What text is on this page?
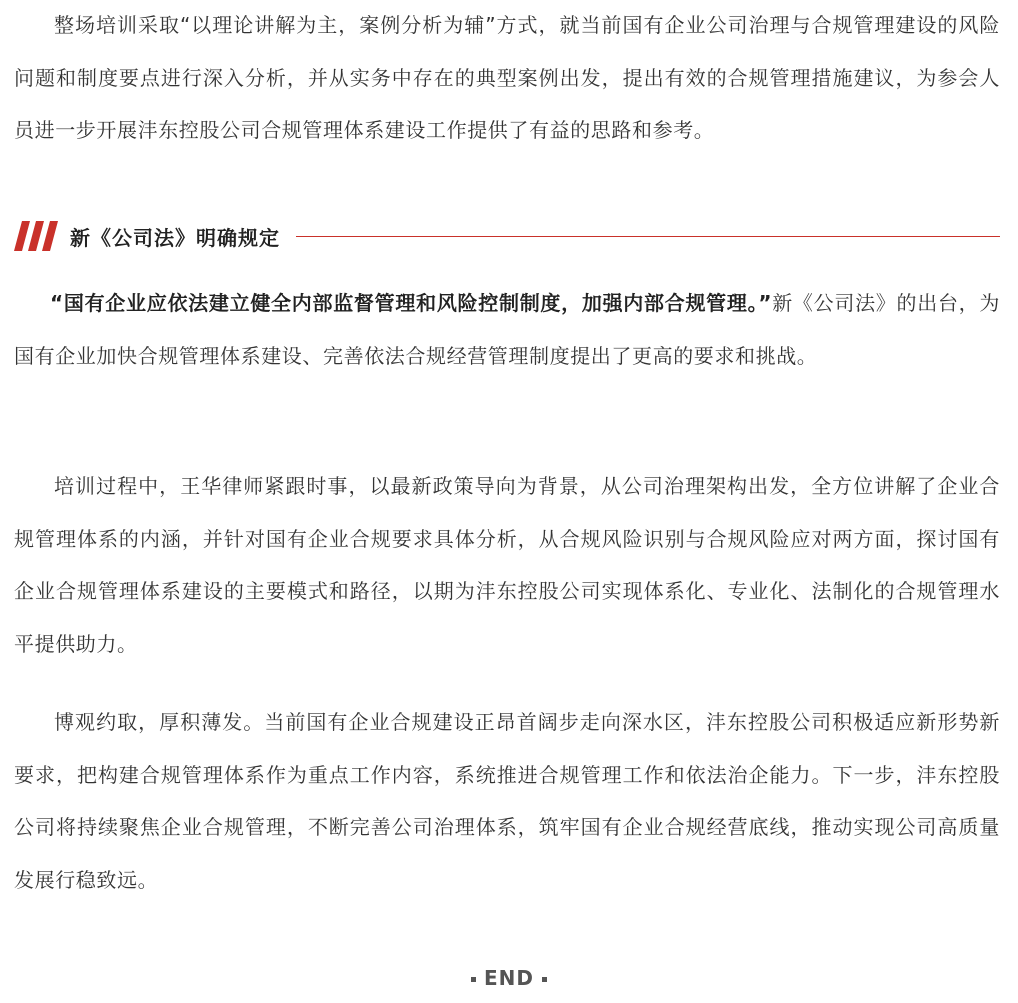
整场培训采取“以理论讲解为主，案例分析为辅”方式，就当前国有企业公司治理与合规管理建设的风险问题和制度要点进行深入分析，并从实务中存在的典型案例出发，提出有效的合规管理措施建议，为参会人员进一步开展沣东控股公司合规管理体系建设工作提供了有益的思路和参考。

新《公司法》明确规定

“国有企业应依法建立健全内部监督管理和风险控制制度，加强内部合规管理。”新《公司法》的出台，为国有企业加快合规管理体系建设、完善依法合规经营管理制度提出了更高的要求和挑战。

培训过程中，王华律师紧跟时事，以最新政策导向为背景，从公司治理架构出发，全方位讲解了企业合规管理体系的内涵，并针对国有企业合规要求具体分析，从合规风险识别与合规风险应对两方面，探讨国有企业合规管理体系建设的主要模式和路径，以期为沣东控股公司实现体系化、专业化、法制化的合规管理水平提供助力。

博观约取，厚积薄发。当前国有企业合规建设正昂首阔步走向深水区，沣东控股公司积极适应新形势新要求，把构建合规管理体系作为重点工作内容，系统推进合规管理工作和依法治企能力。下一步，沣东控股公司将持续聚焦企业合规管理，不断完善公司治理体系，筑牢国有企业合规经营底线，推动实现公司高质量发展行稳致远。

END
